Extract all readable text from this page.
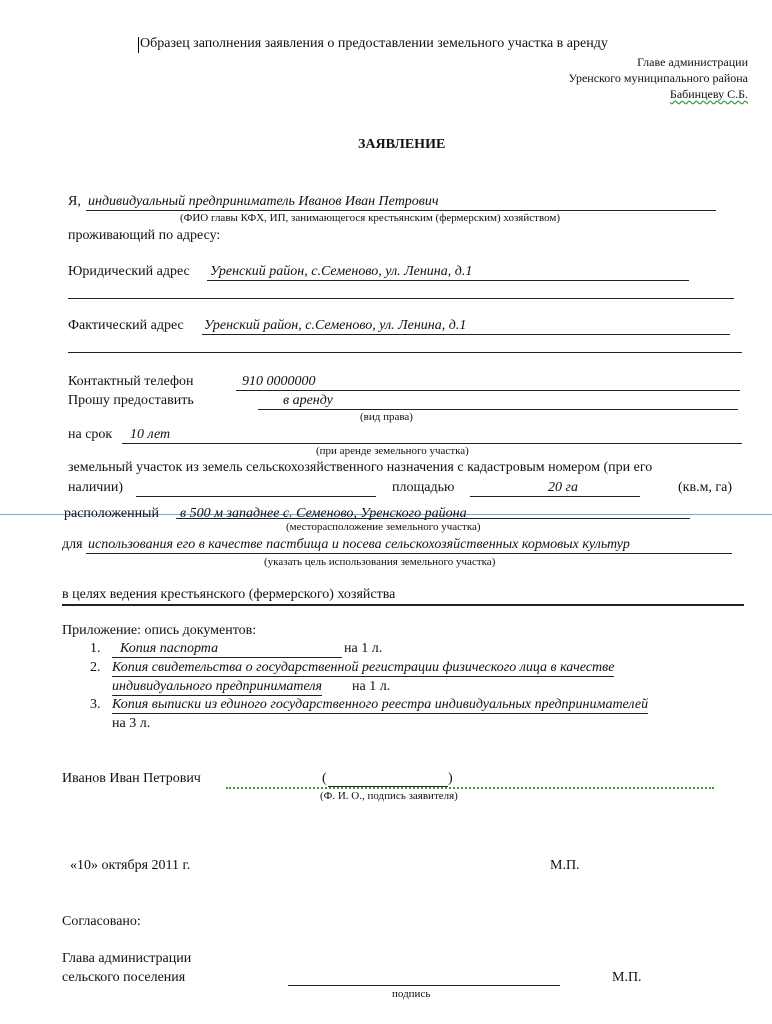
Образец заполнения заявления о предоставлении земельного участка в аренду
Главе администрации
Уренского муниципального района
Бабинцеву С.Б.
ЗАЯВЛЕНИЕ
Я, индивидуальный предприниматель Иванов Иван Петрович
(ФИО главы КФХ, ИП, занимающегося крестьянским (фермерским) хозяйством)
проживающий по адресу:
Юридический адрес Уренский район, с.Семеново, ул. Ленина, д.1
Фактический адрес Уренский район, с.Семеново, ул. Ленина, д.1
Контактный телефон	910 0000000
Прошу предоставить	в аренду
(вид права)
на срок 10 лет
(при аренде земельного участка)
земельный участок из земель сельскохозяйственного назначения с кадастровым номером (при его
наличии)	площадью	20 га	(кв.м, га)
расположенный в 500 м западнее с. Семеново, Уренского района
(месторасположение земельного участка)
для использования его в качестве пастбища и посева сельскохозяйственных кормовых культур
(указать цель использования земельного участка)
в целях ведения крестьянского (фермерского) хозяйства
Приложение: опись документов:
1. Копия паспорта	на 1 л.
2. Копия свидетельства о государственной регистрации физического лица в качестве
индивидуального предпринимателя на 1 л.
3. Копия выписки из единого государственного реестра индивидуальных предпринимателей
на 3 л.
Иванов Иван Петрович	(	)
(Ф. И. О., подпись заявителя)
«10» октября 2011 г.	М.П.
Согласовано:
Глава администрации
сельского поселения	М.П.
подпись
